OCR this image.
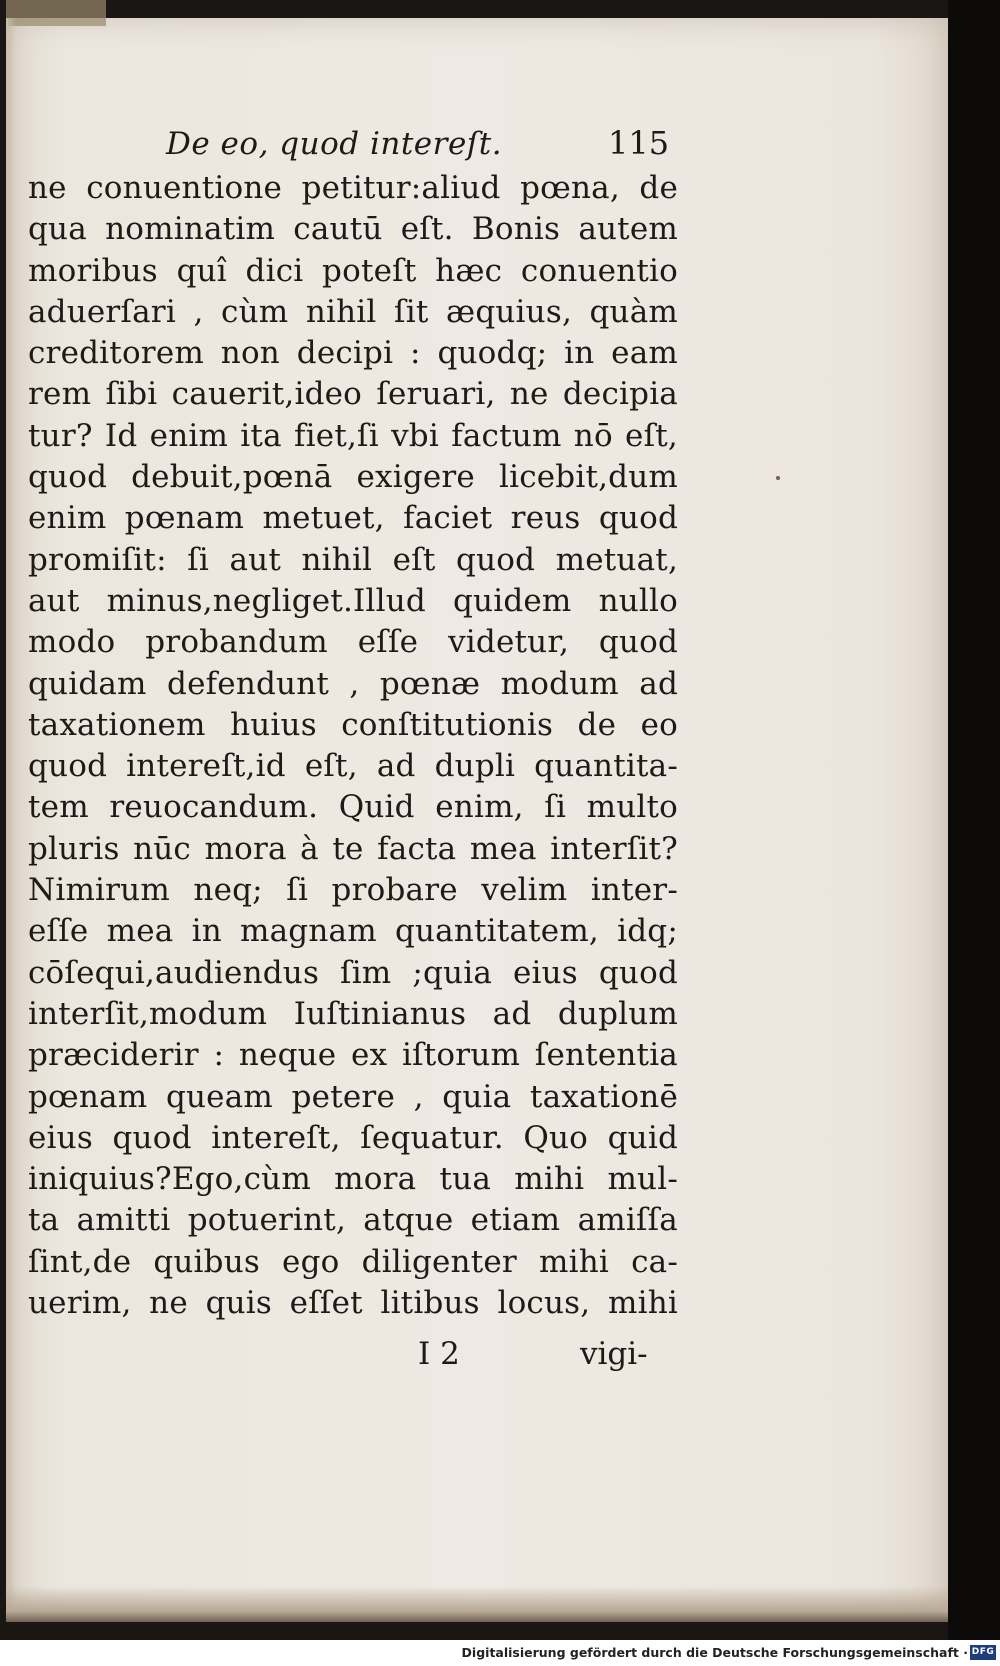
De eo, quod intereſt.	115
ne conuentione petitur:aliud pœna, de
qua nominatim cautū eſt. Bonis autem
moribus quî dici poteſt hæc conuentio
aduerſari , cùm nihil ſit æquius, quàm
creditorem non decipi : quodq; in eam
rem ſibi cauerit,ideo ſeruari, ne decipia
tur? Id enim ita fiet,ſi vbi factum nō eſt,
quod debuit,pœnā exigere licebit,dum
enim pœnam metuet, faciet reus quod
promiſit: ſi aut nihil eſt quod metuat,
aut minus,negliget.Illud quidem nullo
modo probandum eſſe videtur, quod
quidam defendunt , pœnæ modum ad
taxationem huius conſtitutionis de eo
quod intereſt,id eſt, ad dupli quantita-
tem reuocandum. Quid enim, ſi multo
pluris nūc mora à te facta mea interſit?
Nimirum neq; ſi probare velim inter-
eſſe mea in magnam quantitatem, idq;
cōſequi,audiendus ſim ;quia eius quod
interſit,modum Iuſtinianus ad duplum
præciderir : neque ex iſtorum ſententia
pœnam queam petere , quia taxationē
eius quod intereſt, ſequatur. Quo quid
iniquius?Ego,cùm mora tua mihi mul-
ta amitti potuerint, atque etiam amiſſa
ſint,de quibus ego diligenter mihi ca-
uerim, ne quis eſſet litibus locus, mihi
I 2	vigi-
Digitalisierung gefördert durch die Deutsche Forschungsgemeinschaft · DFG
